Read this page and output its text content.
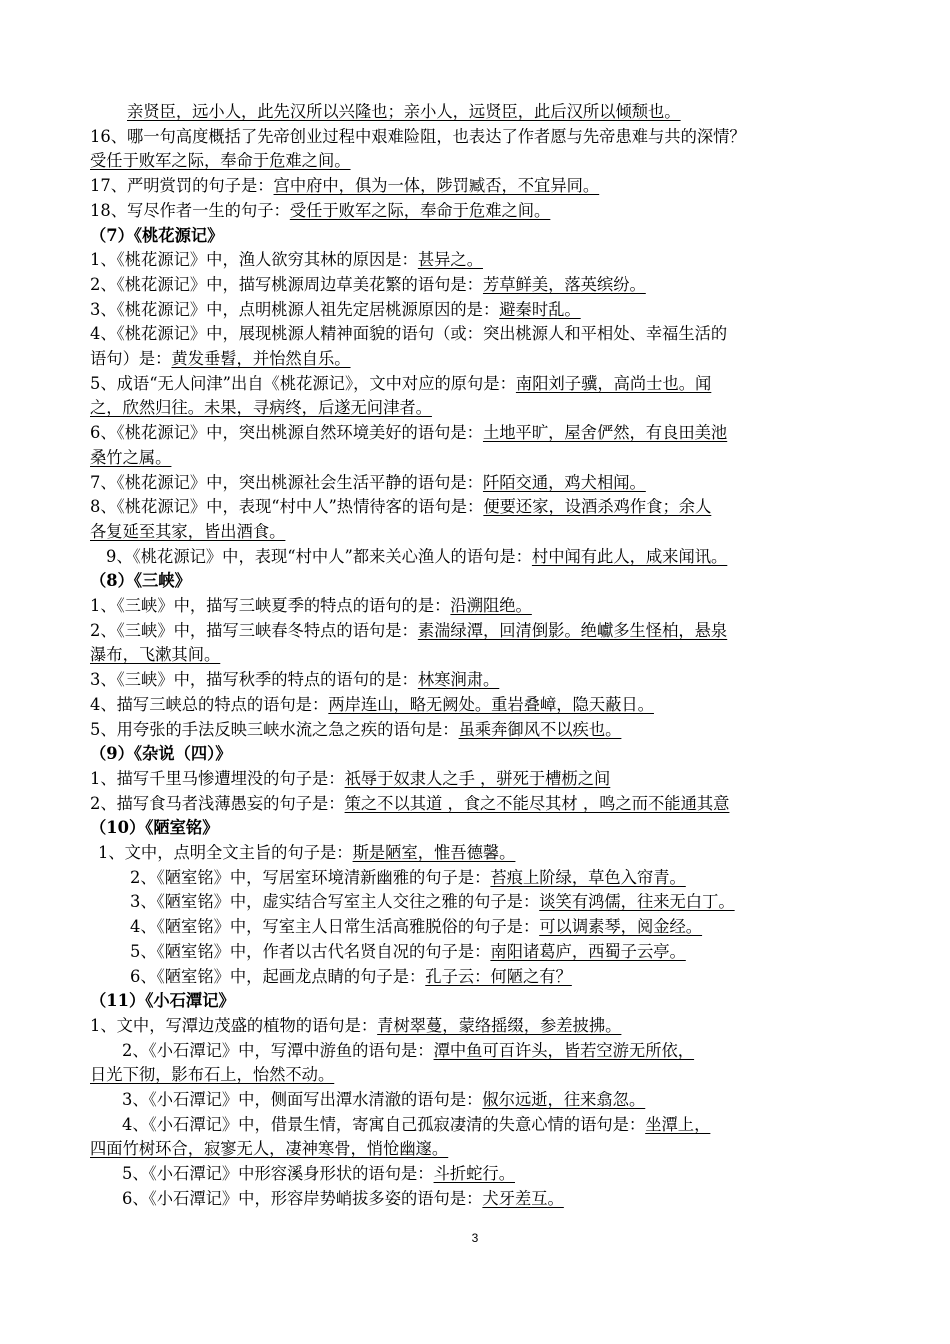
亲贤臣，远小人，此先汉所以兴隆也；亲小人，远贤臣，此后汉所以倾颓也。
16、哪一句高度概括了先帝创业过程中艰难险阻，也表达了作者愿与先帝患难与共的深情？
受任于败军之际，奉命于危难之间。
17、严明赏罚的句子是：宫中府中，俱为一体，陟罚臧否，不宜异同。
18、写尽作者一生的句子：受任于败军之际，奉命于危难之间。
（7）《桃花源记》
1、《桃花源记》中，渔人欲穷其林的原因是：甚异之。
2、《桃花源记》中，描写桃源周边草美花繁的语句是：芳草鲜美，落英缤纷。
3、《桃花源记》中，点明桃源人祖先定居桃源原因的是：避秦时乱。
4、《桃花源记》中，展现桃源人精神面貌的语句（或：突出桃源人和平相处、幸福生活的
语句）是：黄发垂髫，并怡然自乐。
5、成语“无人问津”出自《桃花源记》，文中对应的原句是：南阳刘子骥，高尚士也。闻
之，欣然归往。未果，寻病终，后遂无问津者。
6、《桃花源记》中，突出桃源自然环境美好的语句是：土地平旷，屋舍俨然，有良田美池
桑竹之属。
7、《桃花源记》中，突出桃源社会生活平静的语句是：阡陌交通，鸡犬相闻。
8、《桃花源记》中，表现“村中人”热情待客的语句是：便要还家，设酒杀鸡作食；余人
各复延至其家，皆出酒食。
9、《桃花源记》中，表现“村中人”都来关心渔人的语句是：村中闻有此人，咸来闻讯。
（8）《三峡》
1、《三峡》中，描写三峡夏季的特点的语句的是：沿溯阻绝。
2、《三峡》中，描写三峡春冬特点的语句是：素湍绿潭，回清倒影。绝巘多生怪柏，悬泉
瀑布，飞漱其间。
3、《三峡》中，描写秋季的特点的语句的是：林寒涧肃。
4、描写三峡总的特点的语句是：两岸连山，略无阙处。重岩叠嶂，隐天蔽日。
5、用夸张的手法反映三峡水流之急之疾的语句是：虽乘奔御风不以疾也。
（9）《杂说（四）》
1、描写千里马惨遭埋没的句子是：祇辱于奴隶人之手 ，骈死于槽枥之间
2、描写食马者浅薄愚妄的句子是：策之不以其道 ，食之不能尽其材 ，鸣之而不能通其意
（10）《陋室铭》
1、文中，点明全文主旨的句子是：斯是陋室，惟吾德馨。
2、《陋室铭》中，写居室环境清新幽雅的句子是：苔痕上阶绿，草色入帘青。
3、《陋室铭》中，虚实结合写室主人交往之雅的句子是：谈笑有鸿儒，往来无白丁。
4、《陋室铭》中，写室主人日常生活高雅脱俗的句子是：可以调素琴，阅金经。
5、《陋室铭》中，作者以古代名贤自况的句子是：南阳诸葛庐，西蜀子云亭。
6、《陋室铭》中，起画龙点睛的句子是：孔子云：何陋之有？
（11）《小石潭记》
1、文中，写潭边茂盛的植物的语句是：青树翠蔓，蒙络摇缀，参差披拂。
2、《小石潭记》中，写潭中游鱼的语句是：潭中鱼可百许头，皆若空游无所依，
日光下彻，影布石上，怡然不动。
3、《小石潭记》中，侧面写出潭水清澈的语句是：俶尔远逝，往来翕忽。
4、《小石潭记》中，借景生情，寄寓自己孤寂凄清的失意心情的语句是：坐潭上，
四面竹树环合，寂寥无人，凄神寒骨，悄怆幽邃。
5、《小石潭记》中形容溪身形状的语句是：斗折蛇行。
6、《小石潭记》中，形容岸势峭拔多姿的语句是：犬牙差互。
3
